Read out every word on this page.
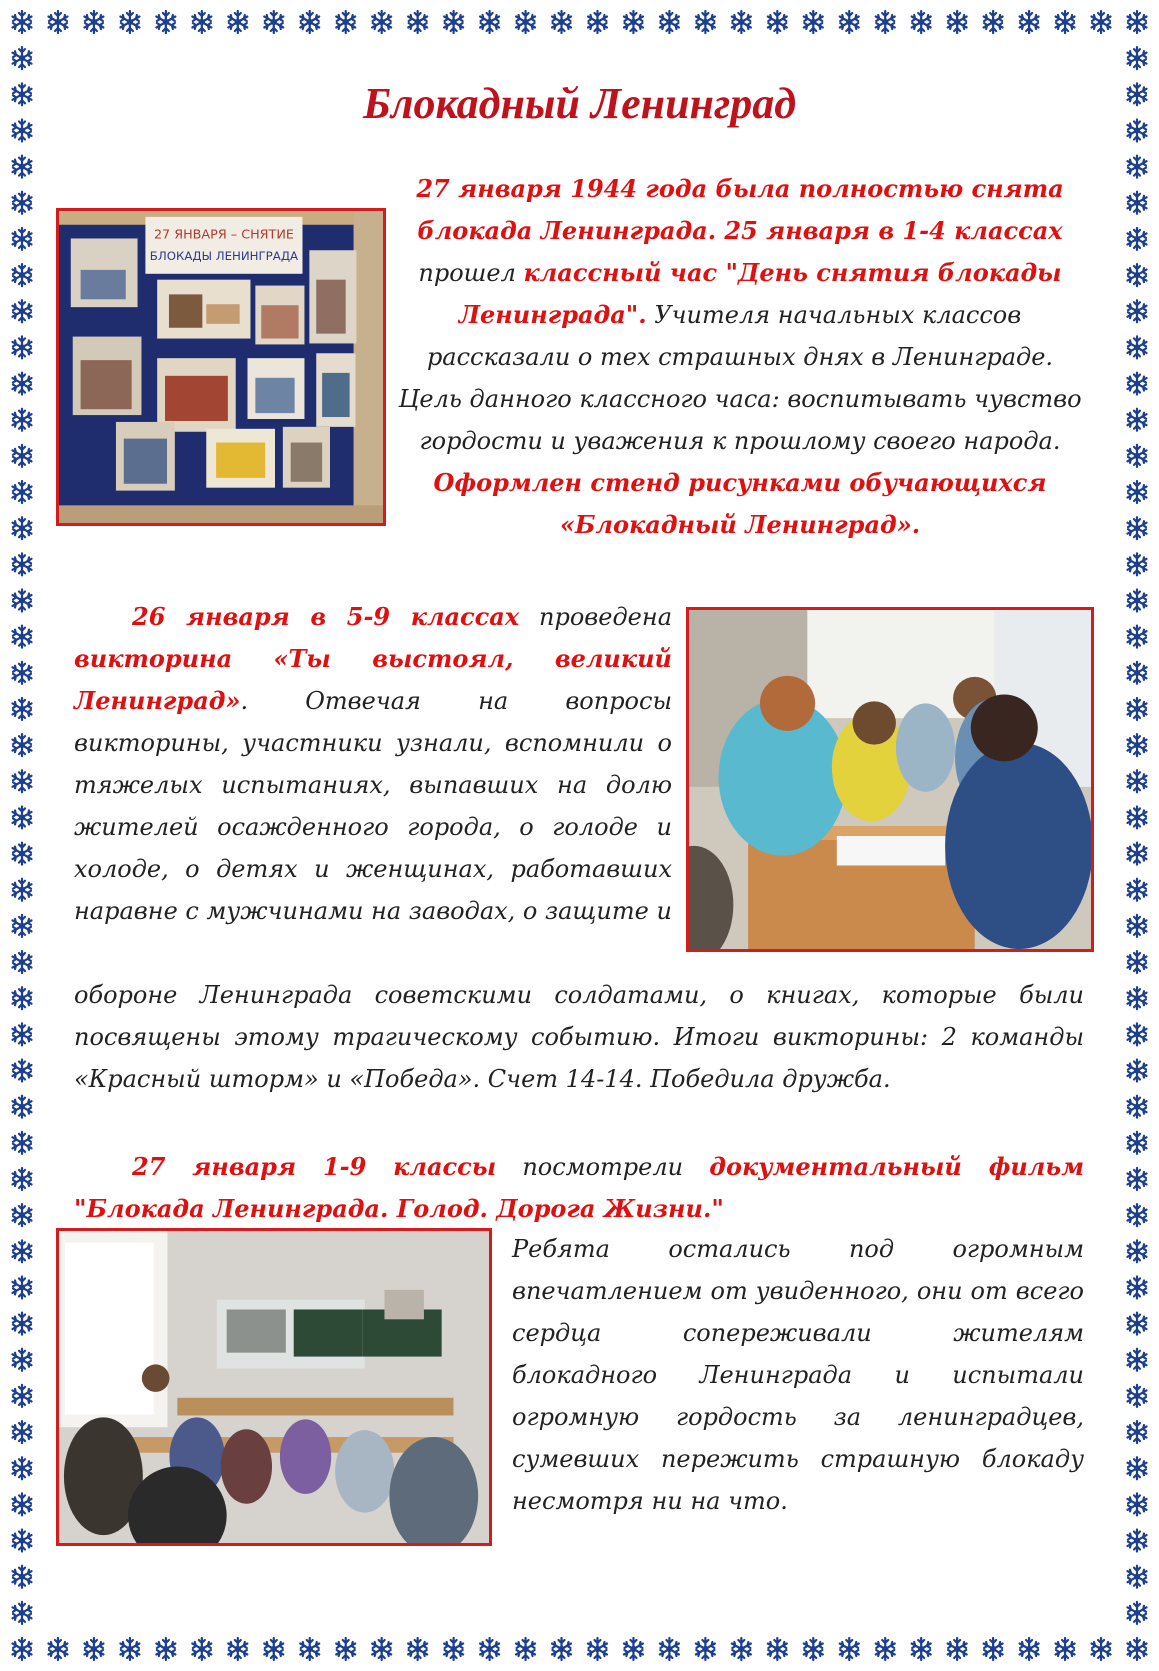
Блокадный Ленинград
27 ЯНВАРЯ – СНЯТИЕ
БЛОКАДЫ ЛЕНИНГРАДА

27 января 1944 года была полностью снята блокада Ленинграда. 25 января в 1-4 классах прошел классный час "День снятия блокады Ленинграда". Учителя начальных классов рассказали о тех страшных днях в Ленинграде. Цель данного классного часа: воспитывать чувство гордости и уважения к прошлому своего народа. Оформлен стенд рисунками обучающихся «Блокадный Ленинград».

26 января в 5-9 классах проведена викторина «Ты выстоял, великий Ленинград». Отвечая на вопросы викторины, участники узнали, вспомнили о тяжелых испытаниях, выпавших на долю жителей осажденного города, о голоде и холоде, о детях и женщинах, работавших наравне с мужчинами на заводах, о защите и

обороне Ленинграда советскими солдатами, о книгах, которые были посвящены этому трагическому событию. Итоги викторины: 2 команды «Красный шторм» и «Победа». Счет 14-14. Победила дружба.

27 января 1-9 классы посмотрели документальный фильм "Блокада Ленинграда. Голод. Дорога Жизни."

Ребята остались под огромным впечатлением от увиденного, они от всего сердца сопереживали жителям блокадного Ленинграда и испытали огромную гордость за ленинградцев, сумевших пережить страшную блокаду несмотря ни на что.
